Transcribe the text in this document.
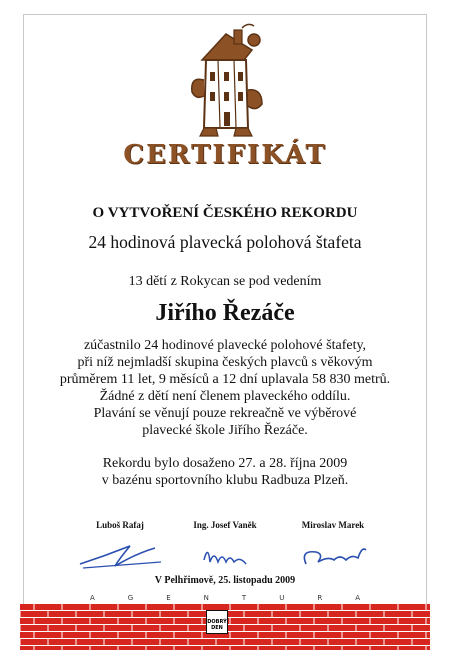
CERTIFIKÁT
O VYTVOŘENÍ ČESKÉHO REKORDU
24 hodinová plavecká polohová štafeta
13 dětí z Rokycan se pod vedením
Jiřího Řezáče
zúčastnilo 24 hodinové plavecké polohové štafety,
při níž nejmladší skupina českých plavců s věkovým
průměrem 11 let, 9 měsíců a 12 dní uplavala 58 830 metrů.
Žádné z dětí není členem plaveckého oddílu.
Plavání se věnují pouze rekreačně ve výběrové
plavecké škole Jiřího Řezáče.
Rekordu bylo dosaženo 27. a 28. října 2009
v bazénu sportovního klubu Radbuza Plzeň.
Luboš Rafaj	Ing. Josef Vaněk	Miroslav Marek
V Pelhřimově, 25. listopadu 2009
A	G	E	N	T	U	R	A
DOBRÝ DEN
